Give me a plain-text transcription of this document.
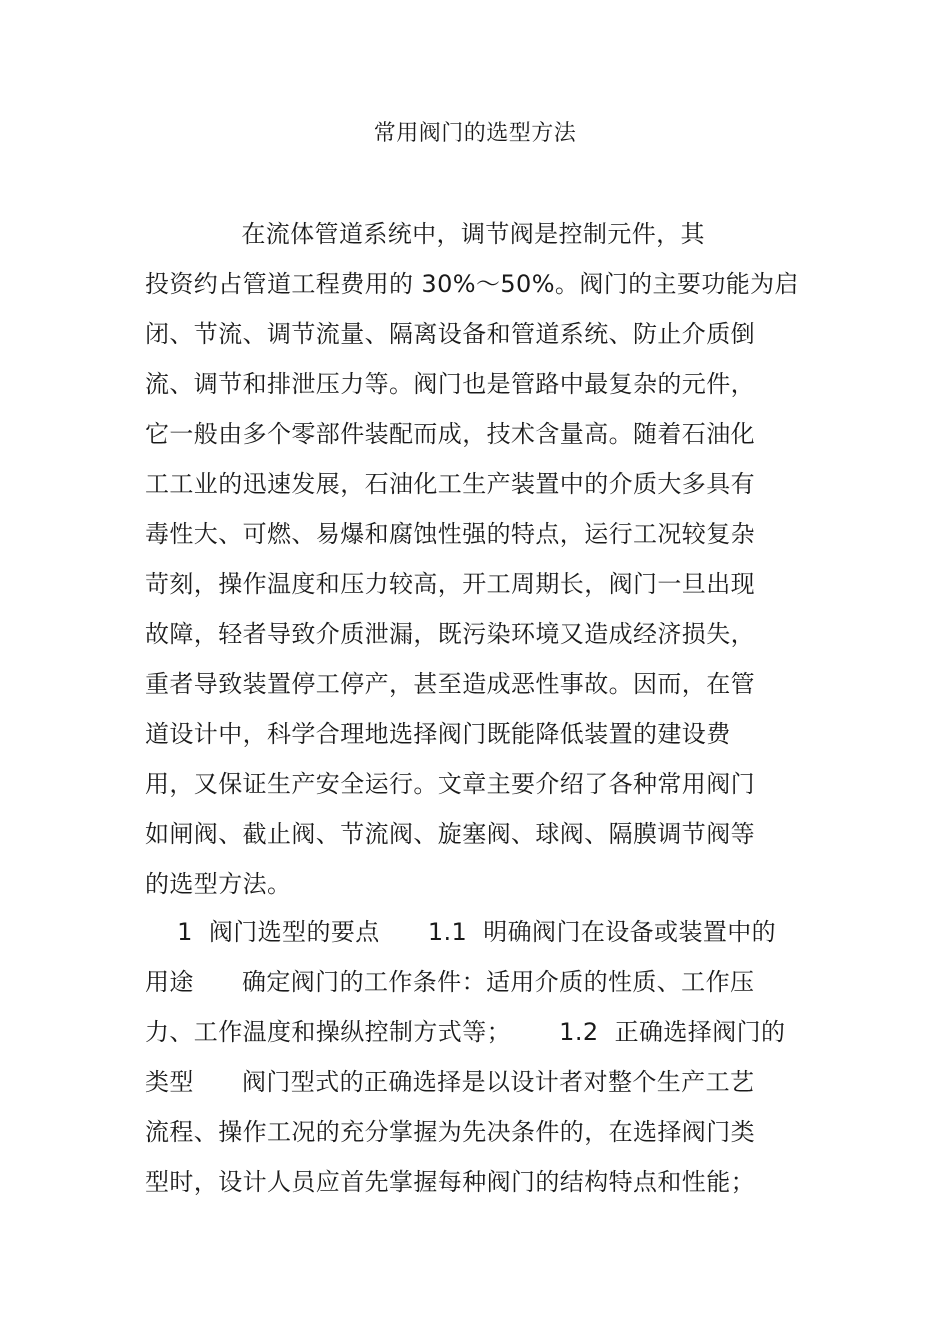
常用阀门的选型方法
在流体管道系统中，调节阀是控制元件，其
投资约占管道工程费用的 30%～50%。阀门的主要功能为启
闭、节流、调节流量、隔离设备和管道系统、防止介质倒
流、调节和排泄压力等。阀门也是管路中最复杂的元件，
它一般由多个零部件装配而成，技术含量高。随着石油化
工工业的迅速发展，石油化工生产装置中的介质大多具有
毒性大、可燃、易爆和腐蚀性强的特点，运行工况较复杂
苛刻，操作温度和压力较高，开工周期长，阀门一旦出现
故障，轻者导致介质泄漏，既污染环境又造成经济损失，
重者导致装置停工停产，甚至造成恶性事故。因而，在管
道设计中，科学合理地选择阀门既能降低装置的建设费
用，又保证生产安全运行。文章主要介绍了各种常用阀门
如闸阀、截止阀、节流阀、旋塞阀、球阀、隔膜调节阀等
的选型方法。
1  阀门选型的要点      1.1  明确阀门在设备或装置中的
用途      确定阀门的工作条件：适用介质的性质、工作压
力、工作温度和操纵控制方式等；      1.2  正确选择阀门的
类型      阀门型式的正确选择是以设计者对整个生产工艺
流程、操作工况的充分掌握为先决条件的，在选择阀门类
型时，设计人员应首先掌握每种阀门的结构特点和性能；
